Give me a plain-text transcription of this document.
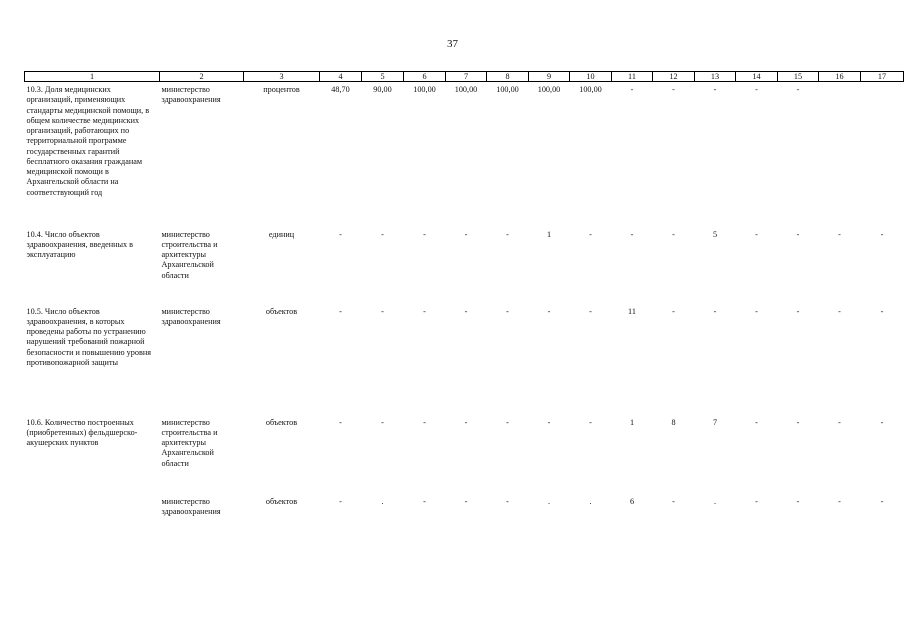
37
1	2	3	4	5	6	7	8	9	10	11	12	13	14	15	16	17
10.3. Доля медицинских организаций, применяющих стандарты медицинской помощи, в общем количестве медицинских организаций, работающих по территориальной программе государственных гарантий бесплатного оказания гражданам медицинской помощи в Архангельской области на соответствующий год	министерство здравоохранения	процентов	48,70	90,00	100,00	100,00	100,00	100,00	100,00	-	-	-	-	-		
10.4. Число объектов здравоохранения, введенных в эксплуатацию	министерство строительства и архитектуры Архангельской области	единиц	-	-	-	-	-	1	-	-	-	5	-	-	-	-
10.5. Число объектов здравоохранения, в которых проведены работы по устранению нарушений требований пожарной безопасности и повышению уровня противопожарной защиты	министерство здравоохранения	объектов	-	-	-	-	-	-	-	11	-	-	-	-	-	-
10.6. Количество построенных (приобретенных) фельдшерско-акушерских пунктов	министерство строительства и архитектуры Архангельской области	объектов	-	-	-	-	-	-	-	1	8	7	-	-	-	-
	министерство здравоохранения	объектов	-	.	-	-	-	.	.	6	-	.	-	-	-	-
